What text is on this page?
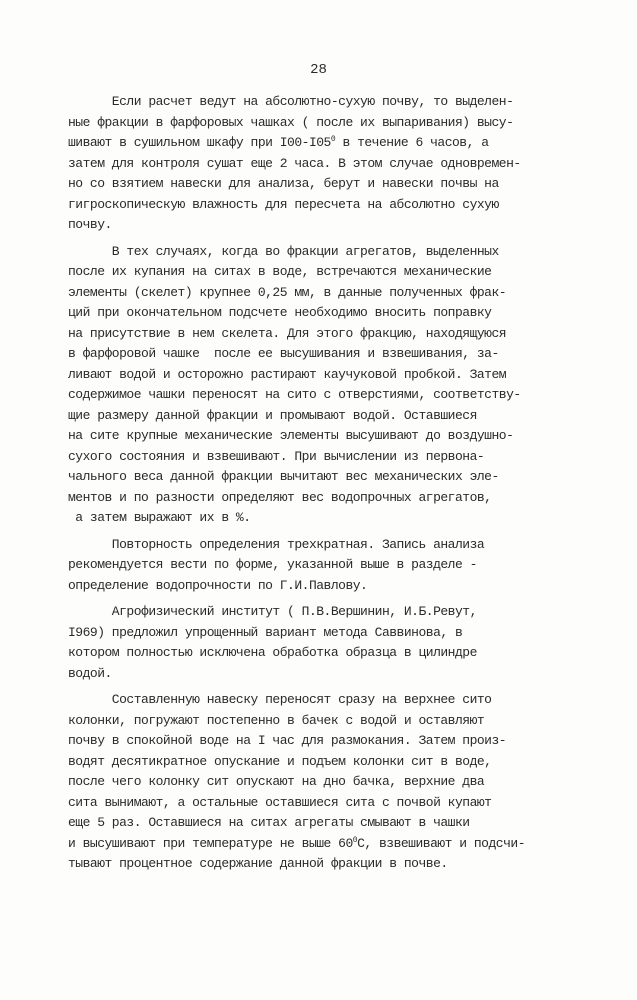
28
Если расчет ведут на абсолютно-сухую почву, то выделен-
ные фракции в фарфоровых чашках ( после их выпаривания) высу-
шивают в сушильном шкафу при $I00-I05^0$ в течение 6 часов, а
затем для контроля сушат еще 2 часа. В этом случае одновремен-
но со взятием навески для анализа, берут и навески почвы на
гигроскопическую влажность для пересчета на абсолютно сухую
почву.
В тех случаях, когда во фракции агрегатов, выделенных
после их купания на ситах в воде, встречаются механические
элементы (скелет) крупнее 0,25 мм, в данные полученных фрак-
ций при окончательном подсчете необходимо вносить поправку
на присутствие в нем скелета. Для этого фракцию, находящуюся
в фарфоровой чашке  после ее высушивания и взвешивания, за-
ливают водой и осторожно растирают каучуковой пробкой. Затем
содержимое чашки переносят на сито с отверстиями, соответству-
щие размеру данной фракции и промывают водой. Оставшиеся
на сите крупные механические элементы высушивают до воздушно-
сухого состояния и взвешивают. При вычислении из первона-
чального веса данной фракции вычитают вес механических эле-
ментов и по разности определяют вес водопрочных агрегатов,
а затем выражают их в %.
Повторность определения трехкратная. Запись анализа
рекомендуется вести по форме, указанной выше в разделе -
определение водопрочности по Г.И.Павлову.
Агрофизический институт ( П.В.Вершинин, И.Б.Ревут,
I969) предложил упрощенный вариант метода Саввинова, в
котором полностью исключена обработка образца в цилиндре
водой.
Составленную навеску переносят сразу на верхнее сито
колонки, погружают постепенно в бачек с водой и оставляют
почву в спокойной воде на I час для размокания. Затем произ-
водят десятикратное опускание и подъем колонки сит в воде,
после чего колонку сит опускают на дно бачка, верхние два
сита вынимают, а остальные оставшиеся сита с почвой купают
еще 5 раз. Оставшиеся на ситах агрегаты смывают в чашки
и высушивают при температуре не выше $60^0С$, взвешивают и подсчи-
тывают процентное содержание данной фракции в почве.
